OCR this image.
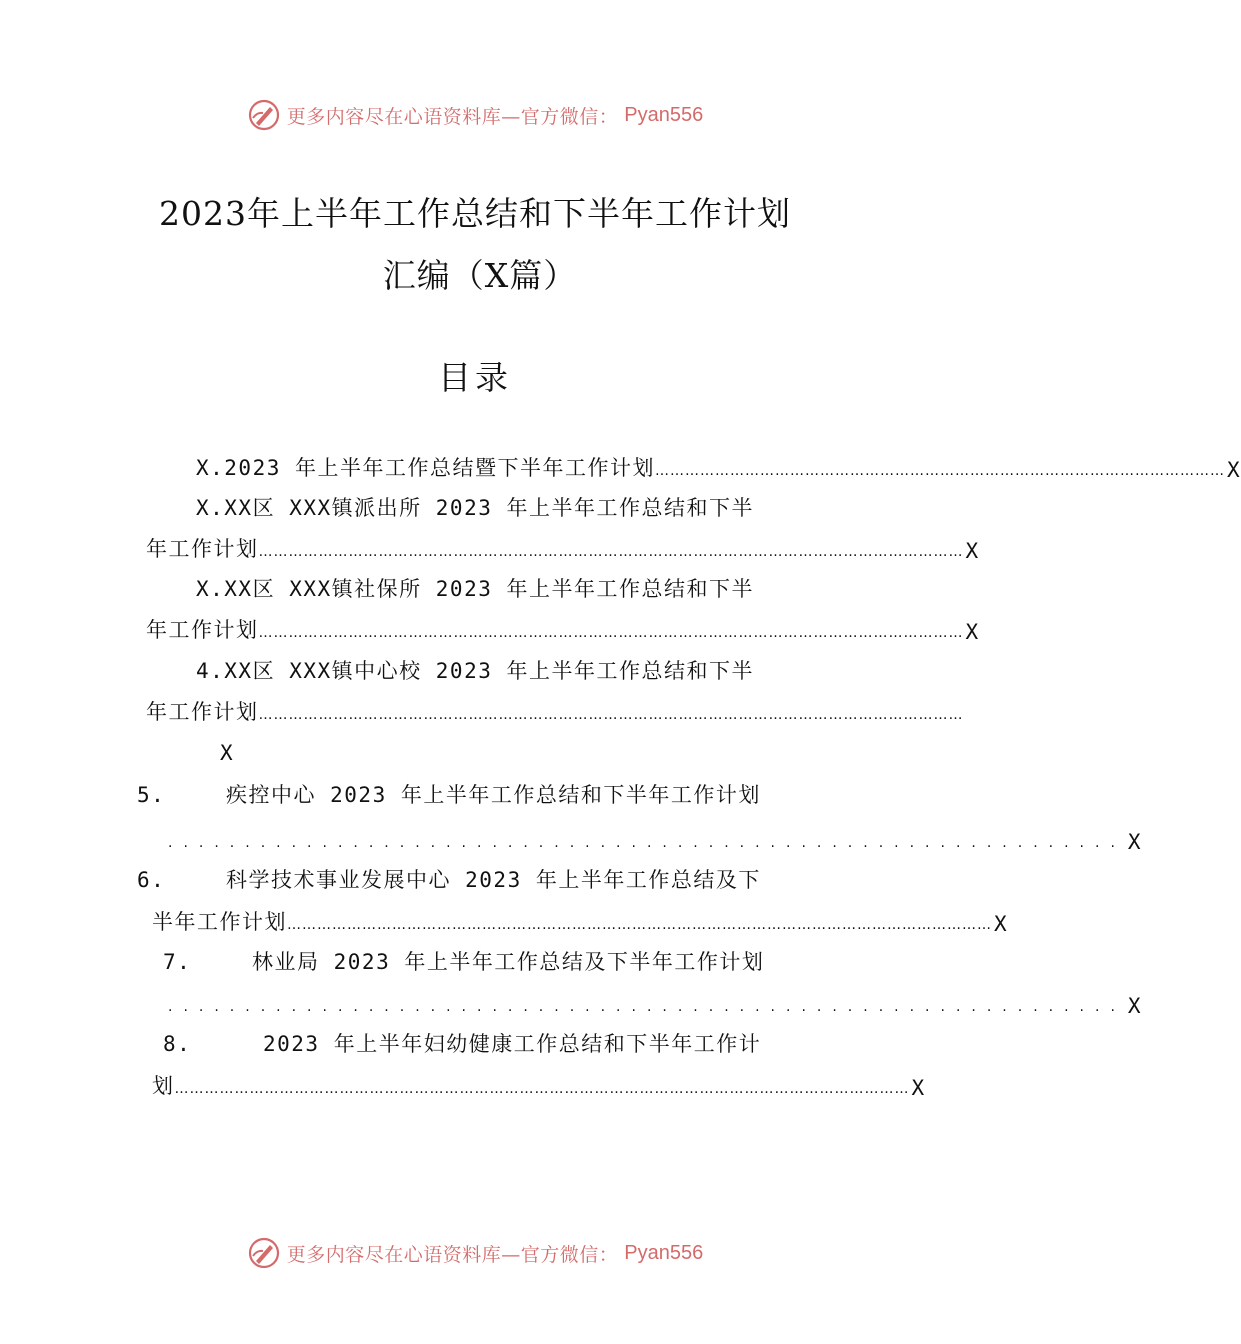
更多内容尽在心语资料库—官方微信： Pyan556
2023年上半年工作总结和下半年工作计划
汇编（X篇）
目录
X.2023 年上半年工作总结暨下半年工作计划 …………………………………………………………………………………………………… X
X.XX区 XXX镇派出所 2023 年上半年工作总结和下半
年工作计划 …………………………………………………………………………………………………………………………… X
X.XX区 XXX镇社保所 2023 年上半年工作总结和下半
年工作计划 …………………………………………………………………………………………………………………………… X
4.XX区 XXX镇中心校 2023 年上半年工作总结和下半
年工作计划 ……………………………………………………………………………………………………………………………
X
5.	疾控中心 2023 年上半年工作总结和下半年工作计划
.............................................................. X
6.	科学技术事业发展中心 2023 年上半年工作总结及下
半年工作计划 …………………………………………………………………………………………………………………………… X
7.	林业局 2023 年上半年工作总结及下半年工作计划
.............................................................. X
8.	2023 年上半年妇幼健康工作总结和下半年工作计
划 ………………………………………………………………………………………………………………………………… X
更多内容尽在心语资料库—官方微信： Pyan556
